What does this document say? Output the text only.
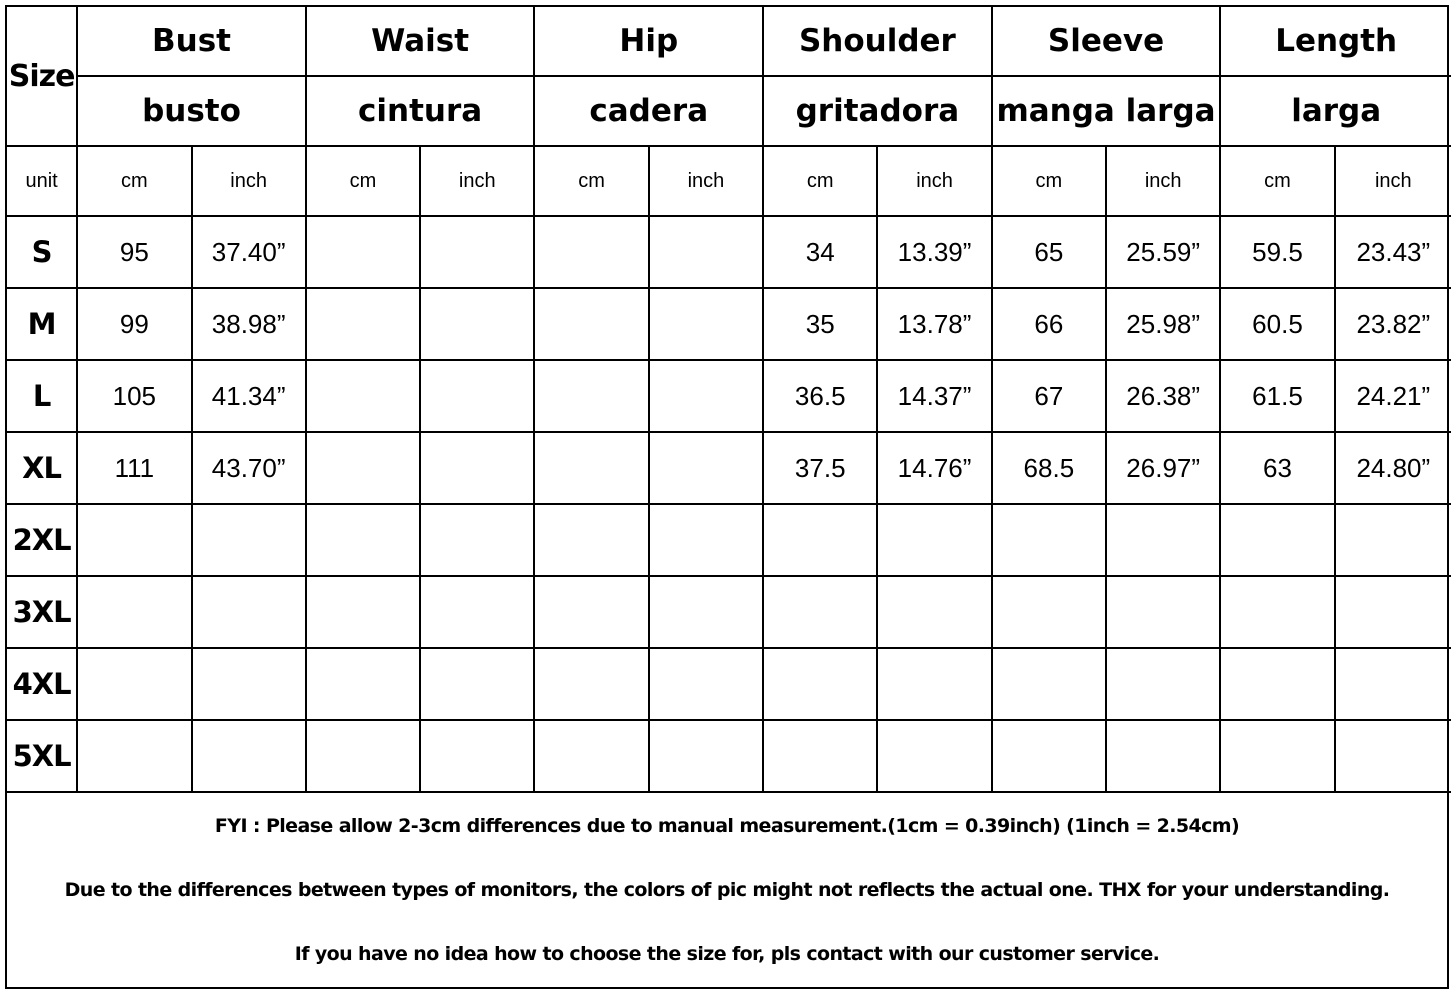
Size	Bust		Waist		Hip		Shoulder		Sleeve		Length	
	busto		cintura		cadera		gritadora		manga larga		larga	
unit	cm	inch	cm	inch	cm	inch	cm	inch	cm	inch	cm	inch
S	95	37.40”					34	13.39”	65	25.59”	59.5	23.43”
M	99	38.98”					35	13.78”	66	25.98”	60.5	23.82”
L	105	41.34”					36.5	14.37”	67	26.38”	61.5	24.21”
XL	111	43.70”					37.5	14.76”	68.5	26.97”	63	24.80”
2XL												
3XL												
4XL												
5XL												
FYI : Please allow 2-3cm differences due to manual measurement.(1cm = 0.39inch) (1inch = 2.54cm)
Due to the differences between types of monitors, the colors of pic might not reflects the actual one. THX for your understanding.
If you have no idea how to choose the size for, pls contact with our customer service.
